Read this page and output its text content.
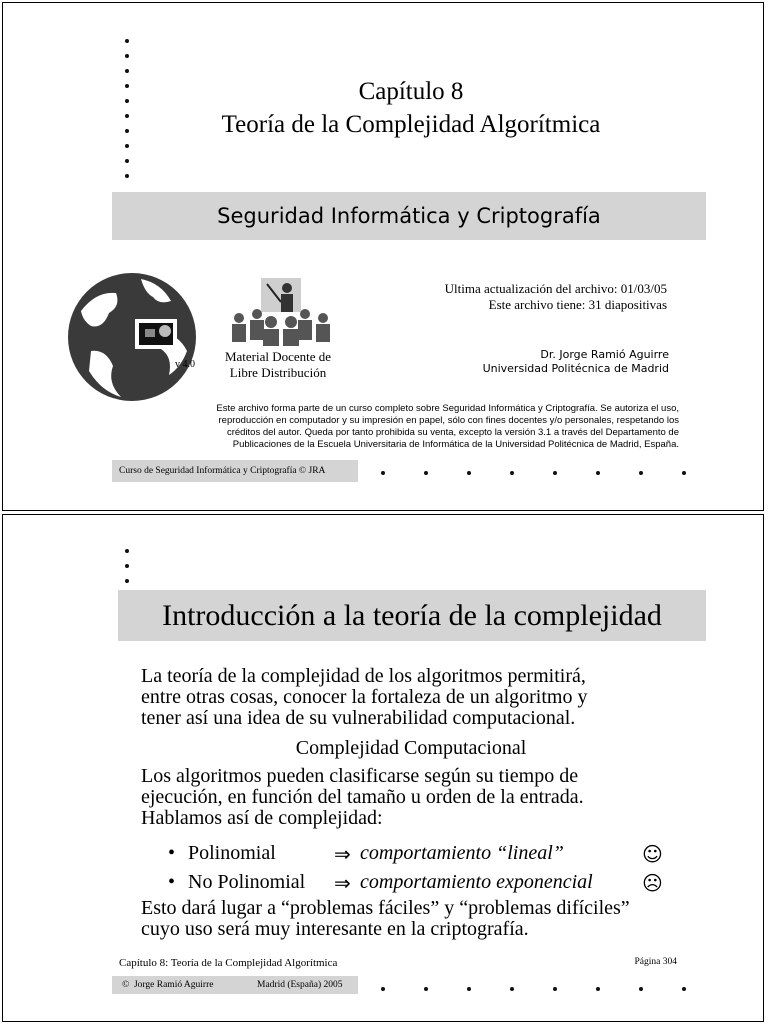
Capítulo 8
Teoría de la Complejidad Algorítmica
Seguridad Informática y Criptografía
v 4.0
Material Docente de
Libre Distribución
Ultima actualización del archivo: 01/03/05
Este archivo tiene: 31 diapositivas
Dr. Jorge Ramió Aguirre
Universidad Politécnica de Madrid
Este archivo forma parte de un curso completo sobre Seguridad Informática y Criptografía. Se autoriza el uso,
reproducción en computador y su impresión en papel, sólo con fines docentes y/o personales, respetando los
créditos del autor. Queda por tanto prohibida su venta, excepto la versión 3.1 a través del Departamento de
Publicaciones de la Escuela Universitaria de Informática de la Universidad Politécnica de Madrid, España.
Curso de Seguridad Informática y Criptografía © JRA
Introducción a la teoría de la complejidad
La teoría de la complejidad de los algoritmos permitirá,
entre otras cosas, conocer la fortaleza de un algoritmo y
tener así una idea de su vulnerabilidad computacional.
Complejidad Computacional
Los algoritmos pueden clasificarse según su tiempo de
ejecución, en función del tamaño u orden de la entrada.
Hablamos así de complejidad:
• Polinomial	⇒ comportamiento “lineal”	☺
• No Polinomial ⇒ comportamiento exponencial ☹
Esto dará lugar a “problemas fáciles” y “problemas difíciles”
cuyo uso será muy interesante en la criptografía.
Capítulo 8: Teoría de la Complejidad Algorítmica	Página 304
©  Jorge Ramió Aguirre	Madrid (España) 2005
